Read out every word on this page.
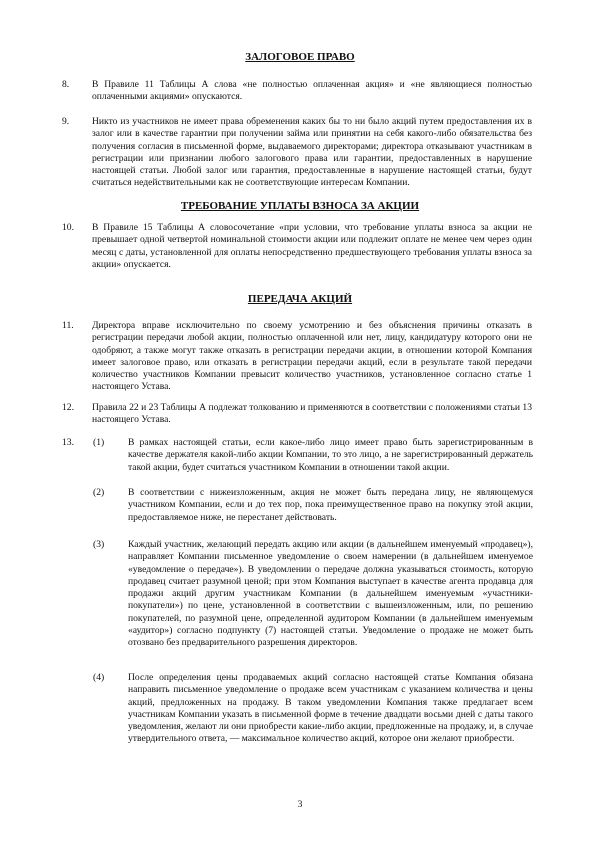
ЗАЛОГОВОЕ ПРАВО
8. В Правиле 11 Таблицы А слова «не полностью оплаченная акция» и «не являющиеся полностью оплаченными акциями» опускаются.
9. Никто из участников не имеет права обременения каких бы то ни было акций путем предоставления их в залог или в качестве гарантии при получении займа или принятии на себя какого-либо обязательства без получения согласия в письменной форме, выдаваемого директорами; директора отказывают участникам в регистрации или признании любого залогового права или гарантии, предоставленных в нарушение настоящей статьи. Любой залог или гарантия, предоставленные в нарушение настоящей статьи, будут считаться недействительными как не соответствующие интересам Компании.
ТРЕБОВАНИЕ УПЛАТЫ ВЗНОСА ЗА АКЦИИ
10. В Правиле 15 Таблицы А словосочетание «при условии, что требование уплаты взноса за акции не превышает одной четвертой номинальной стоимости акции или подлежит оплате не менее чем через один месяц с даты, установленной для оплаты непосредственно предшествующего требования уплаты взноса за акции» опускается.
ПЕРЕДАЧА АКЦИЙ
11. Директора вправе исключительно по своему усмотрению и без объяснения причины отказать в регистрации передачи любой акции, полностью оплаченной или нет, лицу, кандидатуру которого они не одобряют, а также могут также отказать в регистрации передачи акции, в отношении которой Компания имеет залоговое право, или отказать в регистрации передачи акций, если в результате такой передачи количество участников Компании превысит количество участников, установленное согласно статье 1 настоящего Устава.
12. Правила 22 и 23 Таблицы А подлежат толкованию и применяются в соответствии с положениями статьи 13 настоящего Устава.
13. (1) В рамках настоящей статьи, если какое-либо лицо имеет право быть зарегистрированным в качестве держателя какой-либо акции Компании, то это лицо, а не зарегистрированный держатель такой акции, будет считаться участником Компании в отношении такой акции.
(2) В соответствии с нижеизложенным, акция не может быть передана лицу, не являющемуся участником Компании, если и до тех пор, пока преимущественное право на покупку этой акции, предоставляемое ниже, не перестанет действовать.
(3) Каждый участник, желающий передать акцию или акции (в дальнейшем именуемый «продавец»), направляет Компании письменное уведомление о своем намерении (в дальнейшем именуемое «уведомление о передаче»). В уведомлении о передаче должна указываться стоимость, которую продавец считает разумной ценой; при этом Компания выступает в качестве агента продавца для продажи акций другим участникам Компании (в дальнейшем именуемым «участники-покупатели») по цене, установленной в соответствии с вышеизложенным, или, по решению покупателей, по разумной цене, определенной аудитором Компании (в дальнейшем именуемым «аудитор») согласно подпункту (7) настоящей статьи. Уведомление о продаже не может быть отозвано без предварительного разрешения директоров.
(4) После определения цены продаваемых акций согласно настоящей статье Компания обязана направить письменное уведомление о продаже всем участникам с указанием количества и цены акций, предложенных на продажу. В таком уведомлении Компания также предлагает всем участникам Компании указать в письменной форме в течение двадцати восьми дней с даты такого уведомления, желают ли они приобрести какие-либо акции, предложенные на продажу, и, в случае утвердительного ответа, — максимальное количество акций, которое они желают приобрести.
3
